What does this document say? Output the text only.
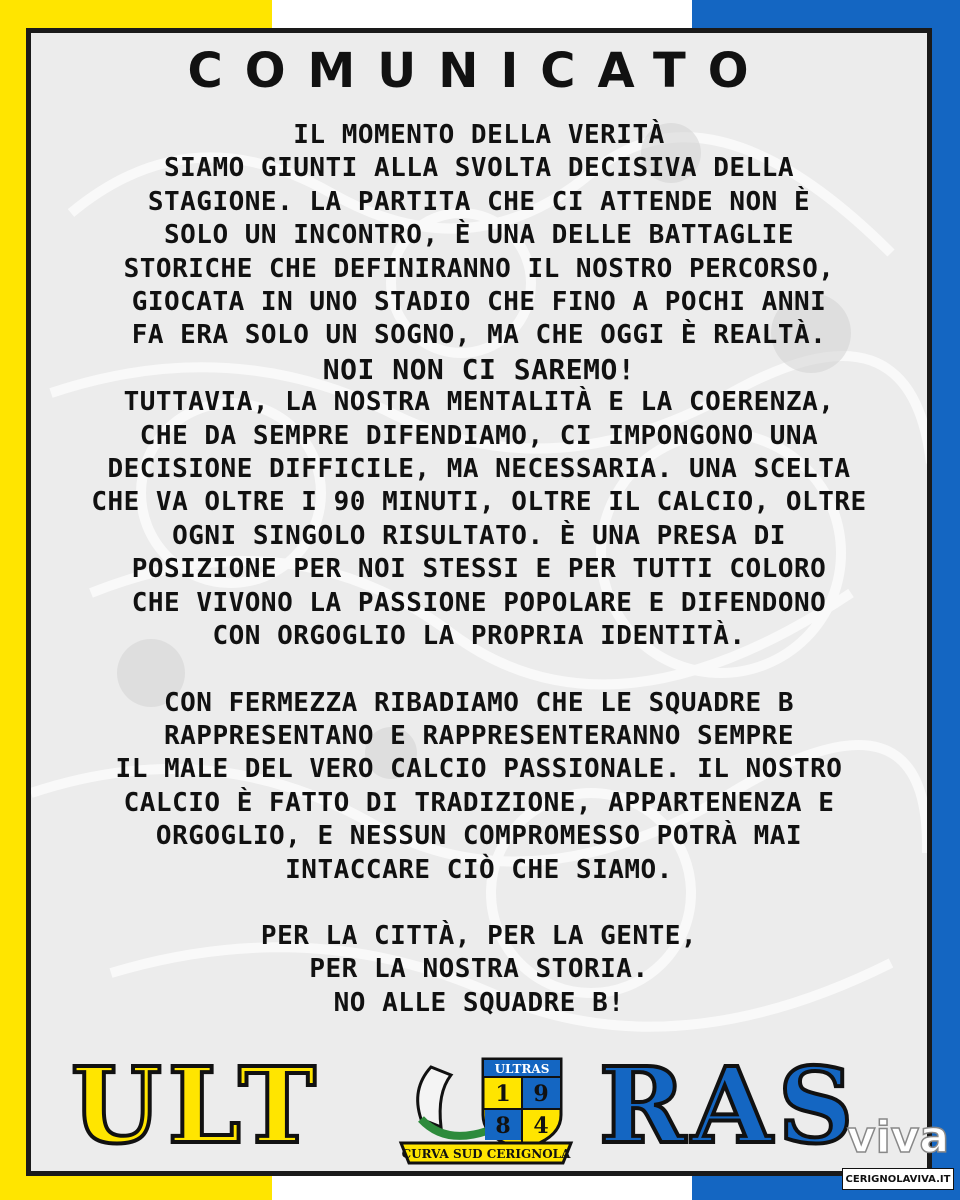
COMUNICATO
IL MOMENTO DELLA VERITÀ
SIAMO GIUNTI ALLA SVOLTA DECISIVA DELLA
STAGIONE. LA PARTITA CHE CI ATTENDE NON È
SOLO UN INCONTRO, È UNA DELLE BATTAGLIE
STORICHE CHE DEFINIRANNO IL NOSTRO PERCORSO,
GIOCATA IN UNO STADIO CHE FINO A POCHI ANNI
FA ERA SOLO UN SOGNO, MA CHE OGGI È REALTÀ.
NOI NON CI SAREMO!
TUTTAVIA, LA NOSTRA MENTALITÀ E LA COERENZA,
CHE DA SEMPRE DIFENDIAMO, CI IMPONGONO UNA
DECISIONE DIFFICILE, MA NECESSARIA. UNA SCELTA
CHE VA OLTRE I 90 MINUTI, OLTRE IL CALCIO, OLTRE
OGNI SINGOLO RISULTATO. È UNA PRESA DI
POSIZIONE PER NOI STESSI E PER TUTTI COLORO
CHE VIVONO LA PASSIONE POPOLARE E DIFENDONO
CON ORGOGLIO LA PROPRIA IDENTITÀ.
CON FERMEZZA RIBADIAMO CHE LE SQUADRE B
RAPPRESENTANO E RAPPRESENTERANNO SEMPRE
IL MALE DEL VERO CALCIO PASSIONALE. IL NOSTRO
CALCIO È FATTO DI TRADIZIONE, APPARTENENZA E
ORGOGLIO, E NESSUN COMPROMESSO POTRÀ MAI
INTACCARE CIÒ CHE SIAMO.
PER LA CITTÀ, PER LA GENTE,
PER LA NOSTRA STORIA.
NO ALLE SQUADRE B!
ULT	ULTRAS
1 9
8 4
CURVA SUD CERIGNOLA RAS
viva
CERIGNOLAVIVA.IT
